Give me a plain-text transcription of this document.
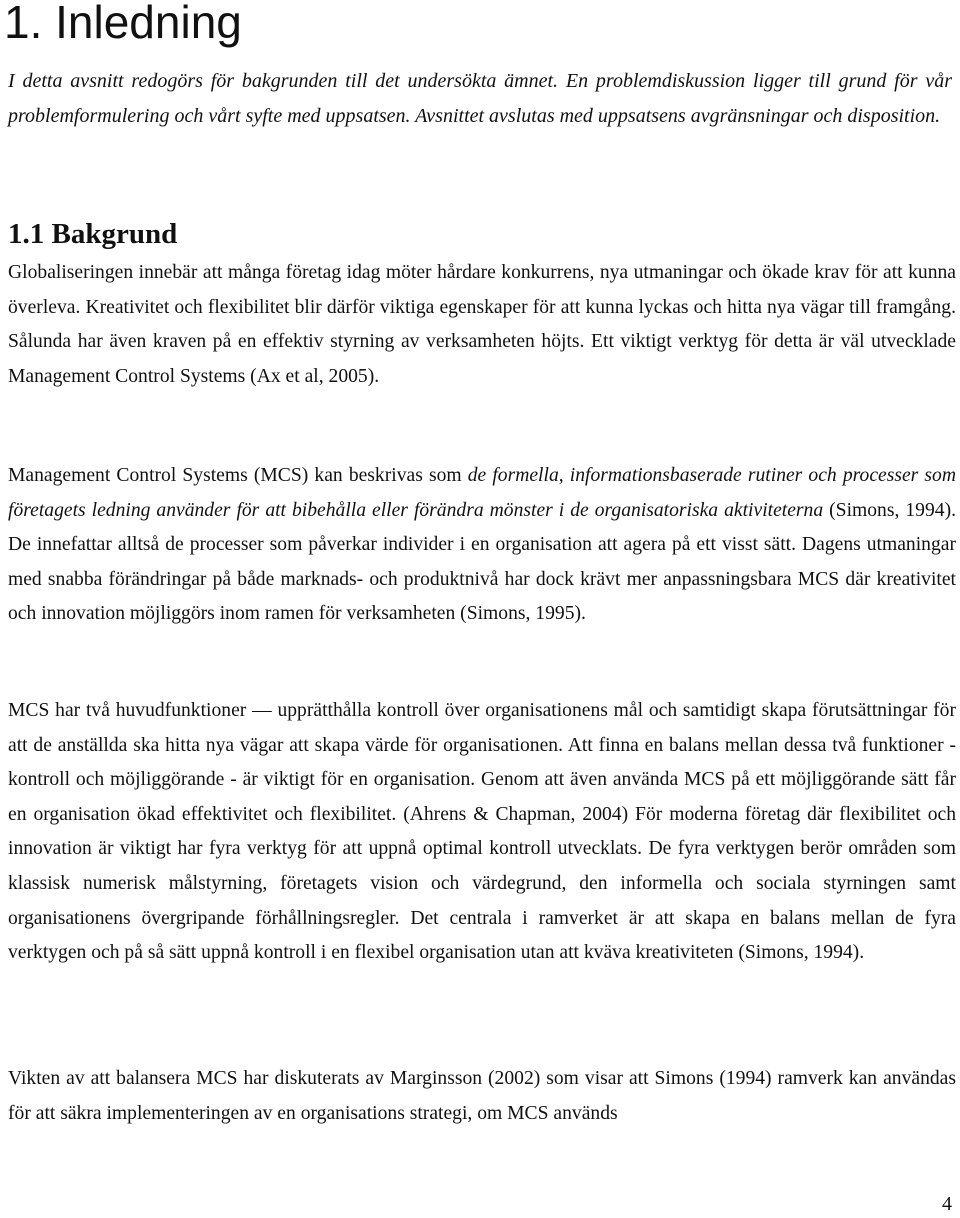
1. Inledning

I detta avsnitt redogörs för bakgrunden till det undersökta ämnet. En problemdiskussion ligger till grund för vår problemformulering och vårt syfte med uppsatsen. Avsnittet avslutas med uppsatsens avgränsningar och disposition.

1.1 Bakgrund

Globaliseringen innebär att många företag idag möter hårdare konkurrens, nya utmaningar och ökade krav för att kunna överleva. Kreativitet och flexibilitet blir därför viktiga egenskaper för att kunna lyckas och hitta nya vägar till framgång. Sålunda har även kraven på en effektiv styrning av verksamheten höjts. Ett viktigt verktyg för detta är väl utvecklade Management Control Systems (Ax et al, 2005).

Management Control Systems (MCS) kan beskrivas som de formella, informationsbaserade rutiner och processer som företagets ledning använder för att bibehålla eller förändra mönster i de organisatoriska aktiviteterna (Simons, 1994). De innefattar alltså de processer som påverkar individer i en organisation att agera på ett visst sätt. Dagens utmaningar med snabba förändringar på både marknads- och produktnivå har dock krävt mer anpassningsbara MCS där kreativitet och innovation möjliggörs inom ramen för verksamheten (Simons, 1995).

MCS har två huvudfunktioner — upprätthålla kontroll över organisationens mål och samtidigt skapa förutsättningar för att de anställda ska hitta nya vägar att skapa värde för organisationen. Att finna en balans mellan dessa två funktioner - kontroll och möjliggörande - är viktigt för en organisation. Genom att även använda MCS på ett möjliggörande sätt får en organisation ökad effektivitet och flexibilitet. (Ahrens & Chapman, 2004) För moderna företag där flexibilitet och innovation är viktigt har fyra verktyg för att uppnå optimal kontroll utvecklats. De fyra verktygen berör områden som klassisk numerisk målstyrning, företagets vision och värdegrund, den informella och sociala styrningen samt organisationens övergripande förhållningsregler. Det centrala i ramverket är att skapa en balans mellan de fyra verktygen och på så sätt uppnå kontroll i en flexibel organisation utan att kväva kreativiteten (Simons, 1994).

Vikten av att balansera MCS har diskuterats av Marginsson (2002) som visar att Simons (1994) ramverk kan användas för att säkra implementeringen av en organisations strategi, om MCS används

4
